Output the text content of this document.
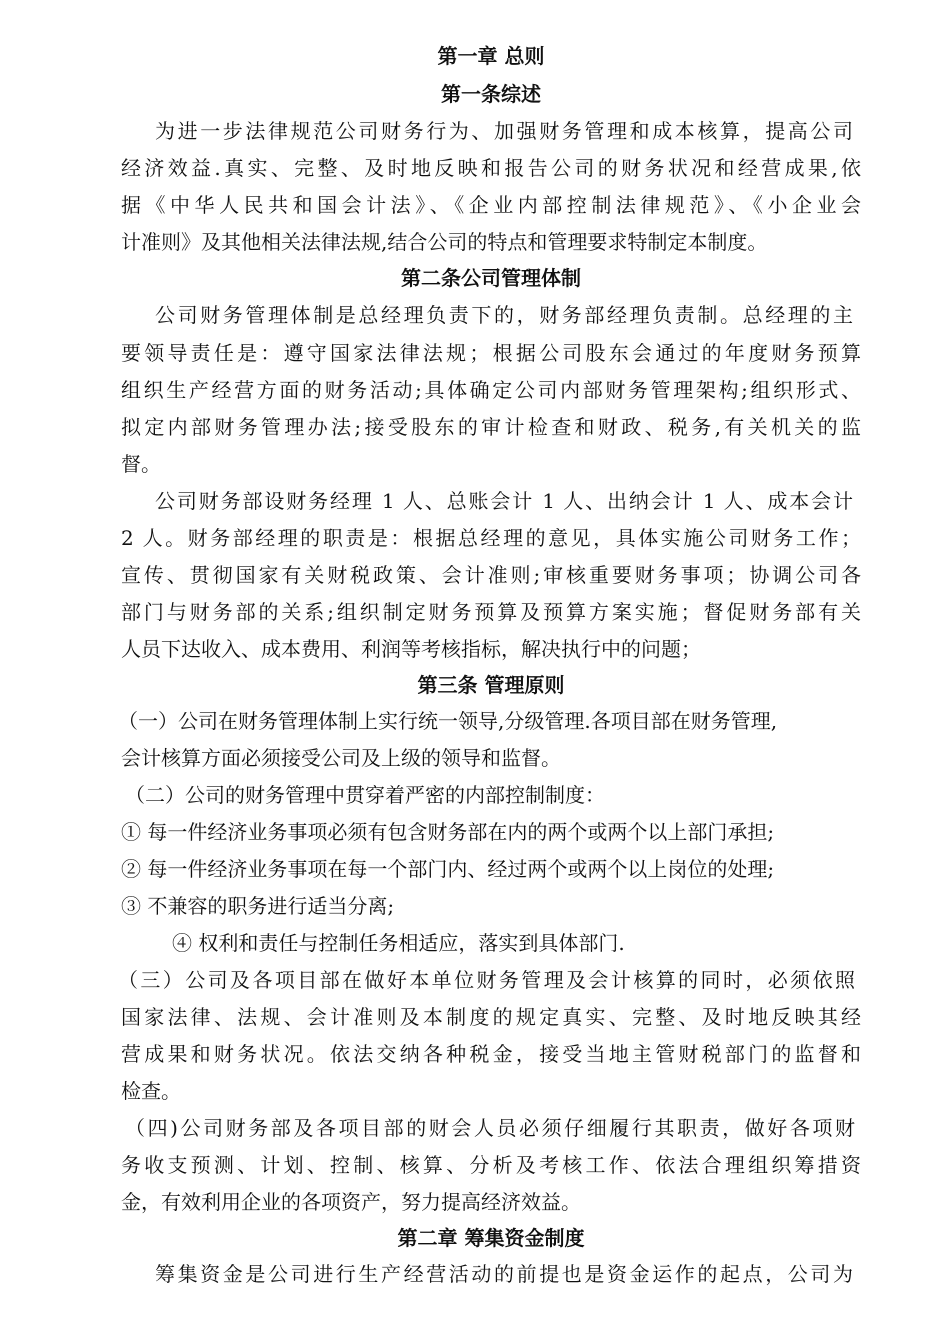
第一章 总则
第一条综述

为进一步法律规范公司财务行为、加强财务管理和成本核算，提高公司

经济效益.真实、完整、及时地反映和报告公司的财务状况和经营成果,依

据《中华人民共和国会计法》、《企业内部控制法律规范》、《小企业会

计准则》及其他相关法律法规,结合公司的特点和管理要求特制定本制度。

第二条公司管理体制

公司财务管理体制是总经理负责下的，财务部经理负责制。总经理的主

要领导责任是：遵守国家法律法规；根据公司股东会通过的年度财务预算

组织生产经营方面的财务活动;具体确定公司内部财务管理架构;组织形式、

拟定内部财务管理办法;接受股东的审计检查和财政、税务,有关机关的监

督。

公司财务部设财务经理 1 人、总账会计 1 人、出纳会计 1 人、成本会计

2 人。财务部经理的职责是：根据总经理的意见，具体实施公司财务工作；

宣传、贯彻国家有关财税政策、会计准则;审核重要财务事项；协调公司各

部门与财务部的关系;组织制定财务预算及预算方案实施；督促财务部有关

人员下达收入、成本费用、利润等考核指标，解决执行中的问题；

第三条 管理原则

（一）公司在财务管理体制上实行统一领导,分级管理.各项目部在财务管理,

会计核算方面必须接受公司及上级的领导和监督。

（二）公司的财务管理中贯穿着严密的内部控制制度：

① 每一件经济业务事项必须有包含财务部在内的两个或两个以上部门承担;

② 每一件经济业务事项在每一个部门内、经过两个或两个以上岗位的处理;

③ 不兼容的职务进行适当分离;

④ 权利和责任与控制任务相适应，落实到具体部门.

（三）公司及各项目部在做好本单位财务管理及会计核算的同时，必须依照

国家法律、法规、会计准则及本制度的规定真实、完整、及时地反映其经

营成果和财务状况。依法交纳各种税金，接受当地主管财税部门的监督和

检查。

（四)公司财务部及各项目部的财会人员必须仔细履行其职责，做好各项财

务收支预测、计划、控制、核算、分析及考核工作、依法合理组织筹措资

金，有效利用企业的各项资产，努力提高经济效益。

第二章 筹集资金制度

筹集资金是公司进行生产经营活动的前提也是资金运作的起点，公司为
